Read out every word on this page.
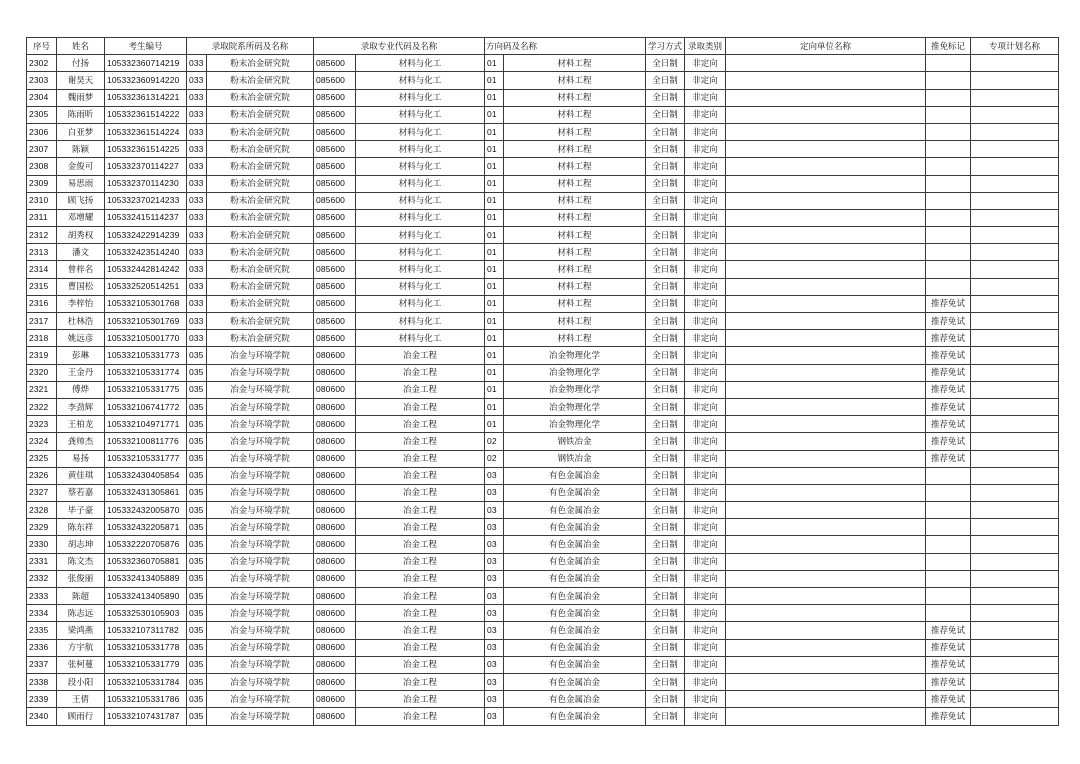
序号	姓名	考生编号	录取院系所码及名称		录取专业代码及名称		方向码及名称		学习方式	录取类别	定向单位名称	推免标记	专项计划名称
2302	付扬	105332360714219	033	粉末冶金研究院	085600	材料与化工	01	材料工程	全日制	非定向			
2303	谢昊天	105332360914220	033	粉末冶金研究院	085600	材料与化工	01	材料工程	全日制	非定向			
2304	魏雨梦	105332361314221	033	粉末冶金研究院	085600	材料与化工	01	材料工程	全日制	非定向			
2305	陈雨昕	105332361514222	033	粉末冶金研究院	085600	材料与化工	01	材料工程	全日制	非定向			
2306	白亚梦	105332361514224	033	粉末冶金研究院	085600	材料与化工	01	材料工程	全日制	非定向			
2307	陈颖	105332361514225	033	粉末冶金研究院	085600	材料与化工	01	材料工程	全日制	非定向			
2308	金俊可	105332370114227	033	粉末冶金研究院	085600	材料与化工	01	材料工程	全日制	非定向			
2309	易思雨	105332370114230	033	粉末冶金研究院	085600	材料与化工	01	材料工程	全日制	非定向			
2310	顾飞扬	105332370214233	033	粉末冶金研究院	085600	材料与化工	01	材料工程	全日制	非定向			
2311	邓增耀	105332415114237	033	粉末冶金研究院	085600	材料与化工	01	材料工程	全日制	非定向			
2312	胡秀权	105332422914239	033	粉末冶金研究院	085600	材料与化工	01	材料工程	全日制	非定向			
2313	潘文	105332423514240	033	粉末冶金研究院	085600	材料与化工	01	材料工程	全日制	非定向			
2314	曾梓名	105332442814242	033	粉末冶金研究院	085600	材料与化工	01	材料工程	全日制	非定向			
2315	曹国松	105332520514251	033	粉末冶金研究院	085600	材料与化工	01	材料工程	全日制	非定向			
2316	李梓怡	105332105301768	033	粉末冶金研究院	085600	材料与化工	01	材料工程	全日制	非定向		推荐免试	
2317	杜林浩	105332105301769	033	粉末冶金研究院	085600	材料与化工	01	材料工程	全日制	非定向		推荐免试	
2318	姚远彦	105332105001770	033	粉末冶金研究院	085600	材料与化工	01	材料工程	全日制	非定向		推荐免试	
2319	彭琳	105332105331773	035	冶金与环境学院	080600	冶金工程	01	冶金物理化学	全日制	非定向		推荐免试	
2320	王金丹	105332105331774	035	冶金与环境学院	080600	冶金工程	01	冶金物理化学	全日制	非定向		推荐免试	
2321	傅烨	105332105331775	035	冶金与环境学院	080600	冶金工程	01	冶金物理化学	全日制	非定向		推荐免试	
2322	李劲辉	105332106741772	035	冶金与环境学院	080600	冶金工程	01	冶金物理化学	全日制	非定向		推荐免试	
2323	王柏龙	105332104971771	035	冶金与环境学院	080600	冶金工程	01	冶金物理化学	全日制	非定向		推荐免试	
2324	龚帅杰	105332100811776	035	冶金与环境学院	080600	冶金工程	02	钢铁冶金	全日制	非定向		推荐免试	
2325	易扬	105332105331777	035	冶金与环境学院	080600	冶金工程	02	钢铁冶金	全日制	非定向		推荐免试	
2326	黄佳琪	105332430405854	035	冶金与环境学院	080600	冶金工程	03	有色金属冶金	全日制	非定向			
2327	蔡若嘉	105332431305861	035	冶金与环境学院	080600	冶金工程	03	有色金属冶金	全日制	非定向			
2328	毕子豪	105332432005870	035	冶金与环境学院	080600	冶金工程	03	有色金属冶金	全日制	非定向			
2329	陈东祥	105332432205871	035	冶金与环境学院	080600	冶金工程	03	有色金属冶金	全日制	非定向			
2330	胡志坤	105332220705876	035	冶金与环境学院	080600	冶金工程	03	有色金属冶金	全日制	非定向			
2331	陈文杰	105332360705881	035	冶金与环境学院	080600	冶金工程	03	有色金属冶金	全日制	非定向			
2332	张俊丽	105332413405889	035	冶金与环境学院	080600	冶金工程	03	有色金属冶金	全日制	非定向			
2333	陈超	105332413405890	035	冶金与环境学院	080600	冶金工程	03	有色金属冶金	全日制	非定向			
2334	陈志远	105332530105903	035	冶金与环境学院	080600	冶金工程	03	有色金属冶金	全日制	非定向			
2335	梁鸿燕	105332107311782	035	冶金与环境学院	080600	冶金工程	03	有色金属冶金	全日制	非定向		推荐免试	
2336	方宇航	105332105331778	035	冶金与环境学院	080600	冶金工程	03	有色金属冶金	全日制	非定向		推荐免试	
2337	张柯蔓	105332105331779	035	冶金与环境学院	080600	冶金工程	03	有色金属冶金	全日制	非定向		推荐免试	
2338	段小阳	105332105331784	035	冶金与环境学院	080600	冶金工程	03	有色金属冶金	全日制	非定向		推荐免试	
2339	王倩	105332105331786	035	冶金与环境学院	080600	冶金工程	03	有色金属冶金	全日制	非定向		推荐免试	
2340	顾雨行	105332107431787	035	冶金与环境学院	080600	冶金工程	03	有色金属冶金	全日制	非定向		推荐免试	
